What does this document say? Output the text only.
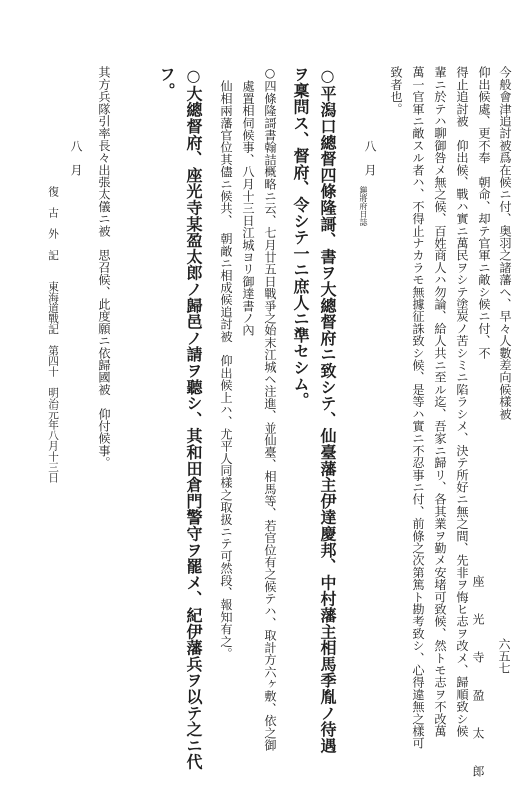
六五七
座 光 寺 盈 太 郎
今般會津追討被爲在候ニ付、奥羽之諸藩ヘ、早々人數差向候樣被
仰出候處、更不奉　朝命、却テ官軍ニ敵シ候ニ付、不
得止追討被　仰出候、戰ハ實ニ萬民ヲシテ塗炭ノ苦シミニ陷ラシメ、決テ所好ニ無之間、先非ヲ悔ヒ志ヲ改メ、歸順致シ候
輩ニ於テハ聊御咎メ無之候、百姓商人ハ勿論、給人共ニ至ル迄、吾家ニ歸リ、各其業ヲ勤メ安堵可致候、然トモ志ヲ不改萬
萬一官軍ニ敵スル者ハ、不得止ナカラモ無據征誅致シ候、是等ハ實ニ不忍事ニ付、前條之次第篤ト勘考致シ、心得違無之樣可
致者也。
八　月
鎭將府日誌
○平潟口總督四條隆謌、書ヲ大總督府ニ致シテ、仙臺藩主伊達慶邦、中村藩主相馬季胤ノ待遇
ヲ稟問ス、督府、令シテ一ニ庶人ニ準セシム。
○四條隆謌書翰詰概略ニ云、七月廿五日戰爭之始末江城ヘ注進、並仙臺、相馬等、若官位有之候テハ、取計方六ヶ敷、依之御
處置相伺候事、八月十三日江城ヨリ御達書ノ內
仙相兩藩官位其儘ニ候共、　朝敵ニ相成候追討被　仰出候上ハ、尤平人同樣之取扱ニテ可然段、報知有之。
○大總督府、座光寺某盈太郎ノ歸邑ノ請ヲ聽シ、其和田倉門警守ヲ罷メ、紀伊藩兵ヲ以テ之ニ代
フ。
其方兵隊引率長々出張太儀ニ被　思召候、此度願ニ依歸國被　仰付候事。
八　月
復　古　外　記　　東海道戰記　第四十　明治元年八月十三日
